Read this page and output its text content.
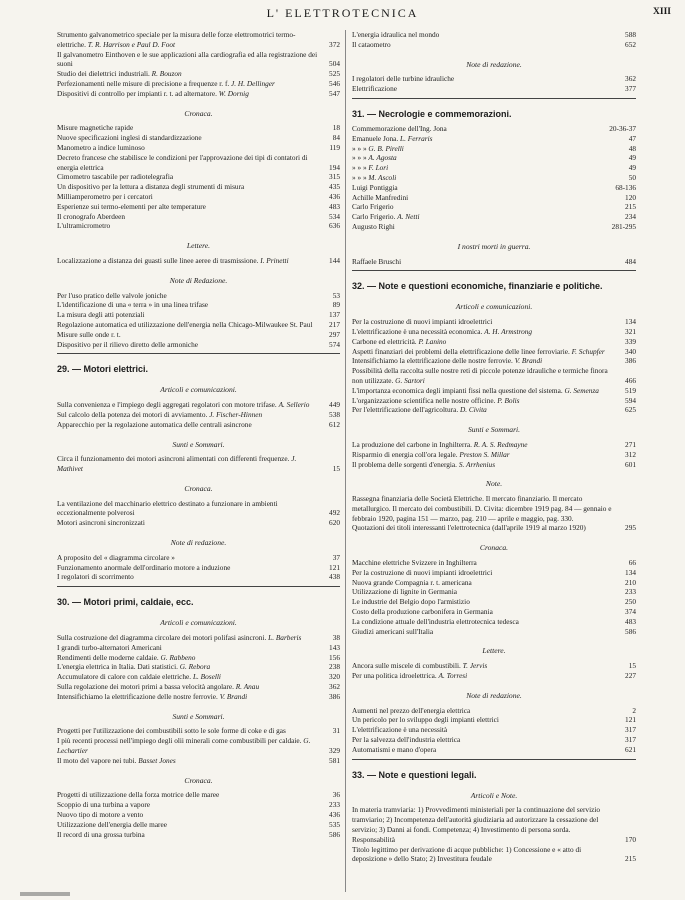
L' ELETTROTECNICA	XIII
Strumento galvanometrico speciale per la misura delle forze elettromotrici termo-elettriche. T. R. Harrison e Paul D. Foot	372
Il galvanometro Einthoven e le sue applicazioni alla cardiografia ed alla registrazione dei suoni	504
Studio dei dielettrici industriali. R. Bouzon	525
Perfezionamenti nelle misure di precisione a frequenze r. f. J. H. Dellinger	546
Dispositivi di controllo per impianti r. t. ad alternatore. W. Dornig	547
Cronaca.
Misure magnetiche rapide	18
Nuove specificazioni inglesi di standardizzazione	84
Manometro a indice luminoso	119
Decreto francese che stabilisce le condizioni per l'approvazione dei tipi di contatori di energia elettrica	194
Cimometro tascabile per radiotelegrafia	315
Un dispositivo per la lettura a distanza degli strumenti di misura	435
Milliamperometro per i cercatori	436
Esperienze sui termo-elementi per alte temperature	483
Il cronografo Aberdeen	534
L'ultramicrometro	636
Lettere.
Localizzazione a distanza dei guasti sulle linee aeree di trasmissione. I. Prinetti	144
Note di Redazione.
Per l'uso pratico delle valvole joniche	53
L'identificazione di una « terra » in una linea trifase	89
La misura degli atti potenziali	137
Regolazione automatica ed utilizzazione dell'energia nella Chicago-Milwaukee St. Paul	217
Misure sulle onde r. t.	297
Dispositivo per il rilievo diretto delle armoniche	574
29. — Motori elettrici.
Articoli e comunicazioni.
Sulla convenienza e l'impiego degli aggregati regolatori con motore trifase. A. Sellerio	449
Sul calcolo della potenza dei motori di avviamento. J. Fischer-Hinnen	538
Apparecchio per la regolazione automatica delle centrali asincrone	612
Sunti e Sommari.
Circa il funzionamento dei motori asincroni alimentati con differenti frequenze. J. Mathivet	15
Cronaca.
La ventilazione del macchinario elettrico destinato a funzionare in ambienti eccezionalmente polverosi	492
Motori asincroni sincronizzati	620
Note di redazione.
A proposito del « diagramma circolare »	37
Funzionamento anormale dell'ordinario motore a induzione	121
I regolatori di scorrimento	438
30. — Motori primi, caldaie, ecc.
Articoli e comunicazioni.
Sulla costruzione del diagramma circolare dei motori polifasi asincroni. L. Barberis	38
I grandi turbo-alternatori Americani	143
Rendimenti delle moderne caldaie. G. Rabbeno	156
L'energia elettrica in Italia. Dati statistici. G. Rebora	238
Accumulatore di calore con caldaie elettriche. L. Boselli	320
Sulla regolazione dei motori primi a bassa velocità angolare. R. Anau	362
Intensifichiamo la elettrificazione delle nostre ferrovie. V. Brandi	386
Sunti e Sommari.
Progetti per l'utilizzazione dei combustibili sotto le sole forme di coke e di gas	31
I più recenti processi nell'impiego degli olii minerali come combustibili per caldaie. G. Lechartier	329
Il moto del vapore nei tubi. Basset Jones	581
Cronaca.
Progetti di utilizzazione della forza motrice delle maree	36
Scoppio di una turbina a vapore	233
Nuovo tipo di motore a vento	436
Utilizzazione dell'energia delle maree	535
Il record di una grossa turbina	586
L'energia idraulica nel mondo	588
Il cataometro	652
Note di redazione.
I regolatori delle turbine idrauliche	362
Elettrificazione	377
31. — Necrologie e commemorazioni.
Commemorazione dell'Ing. Jona	20-36-37
Emanuele Jona. L. Ferraris	47
» » » G. B. Pirelli	48
» » » A. Agosta	49
» » » F. Lori	49
» » » M. Ascoli	50
Luigi Pontiggia	68-136
Achille Manfredini	120
Carlo Frigerio	215
Carlo Frigerio. A. Netti	234
Augusto Righi	281-295
I nostri morti in guerra.
Raffaele Bruschi	484
32. — Note e questioni economiche, finanziarie e politiche.
Articoli e comunicazioni.
Per la costruzione di nuovi impianti idroelettrici	134
L'elettrificazione è una necessità economica. A. H. Armstrong	321
Carbone ed elettricità. P. Lanino	339
Aspetti finanziari dei problemi della elettrificazione delle linee ferroviarie. F. Schupfer	340
Intensifichiamo la elettrificazione delle nostre ferrovie. V. Brandi	386
Possibilità della raccolta sulle nostre reti di piccole potenze idrauliche e termiche finora non utilizzate. G. Sartori	466
L'importanza economica degli impianti fissi nella questione del sistema. G. Semenza	519
L'organizzazione scientifica nelle nostre officine. P. Bolis	594
Per l'elettrificazione dell'agricoltura. D. Civita	625
Sunti e Sommari.
La produzione del carbone in Inghilterra. R. A. S. Redmayne	271
Risparmio di energia coll'ora legale. Preston S. Millar	312
Il problema delle sorgenti d'energia. S. Arrhenius	601
Note.
Rassegna finanziaria delle Società Elettriche. Il mercato finanziario. Il mercato metallurgico. Il mercato dei combustibili. D. Civita: dicembre 1919 pag. 84 — gennaio e febbraio 1920, pagina 151 — marzo, pag. 210 — aprile e maggio, pag. 330.
Quotazioni dei titoli interessanti l'elettrotecnica (dall'aprile 1919 al marzo 1920)	295
Cronaca.
Macchine elettriche Svizzere in Inghilterra	66
Per la costruzione di nuovi impianti idroelettrici	134
Nuova grande Compagnia r. t. americana	210
Utilizzazione di lignite in Germania	233
Le industrie del Belgio dopo l'armistizio	250
Costo della produzione carbonifera in Germania	374
La condizione attuale dell'industria elettrotecnica tedesca	483
Giudizi americani sull'Italia	586
Lettere.
Ancora sulle miscele di combustibili. T. Jervis	15
Per una politica idroelettrica. A. Torresi	227
Note di redazione.
Aumenti nel prezzo dell'energia elettrica	2
Un pericolo per lo sviluppo degli impianti elettrici	121
L'elettrificazione è una necessità	317
Per la salvezza dell'industria elettrica	317
Automatismi e mano d'opera	621
33. — Note e questioni legali.
Articoli e Note.
In materia tramviaria: 1) Provvedimenti ministeriali per la continuazione del servizio tramviario; 2) Incompetenza dell'autorità giudiziaria ad autorizzare la cessazione del servizio; 3) Danni ai fondi. Competenza; 4) Investimento di persona sorda. Responsabilità	170
Titolo legittimo per derivazione di acque pubbliche: 1) Concessione e « atto di deposizione » dello Stato; 2) Investitura feudale	215
